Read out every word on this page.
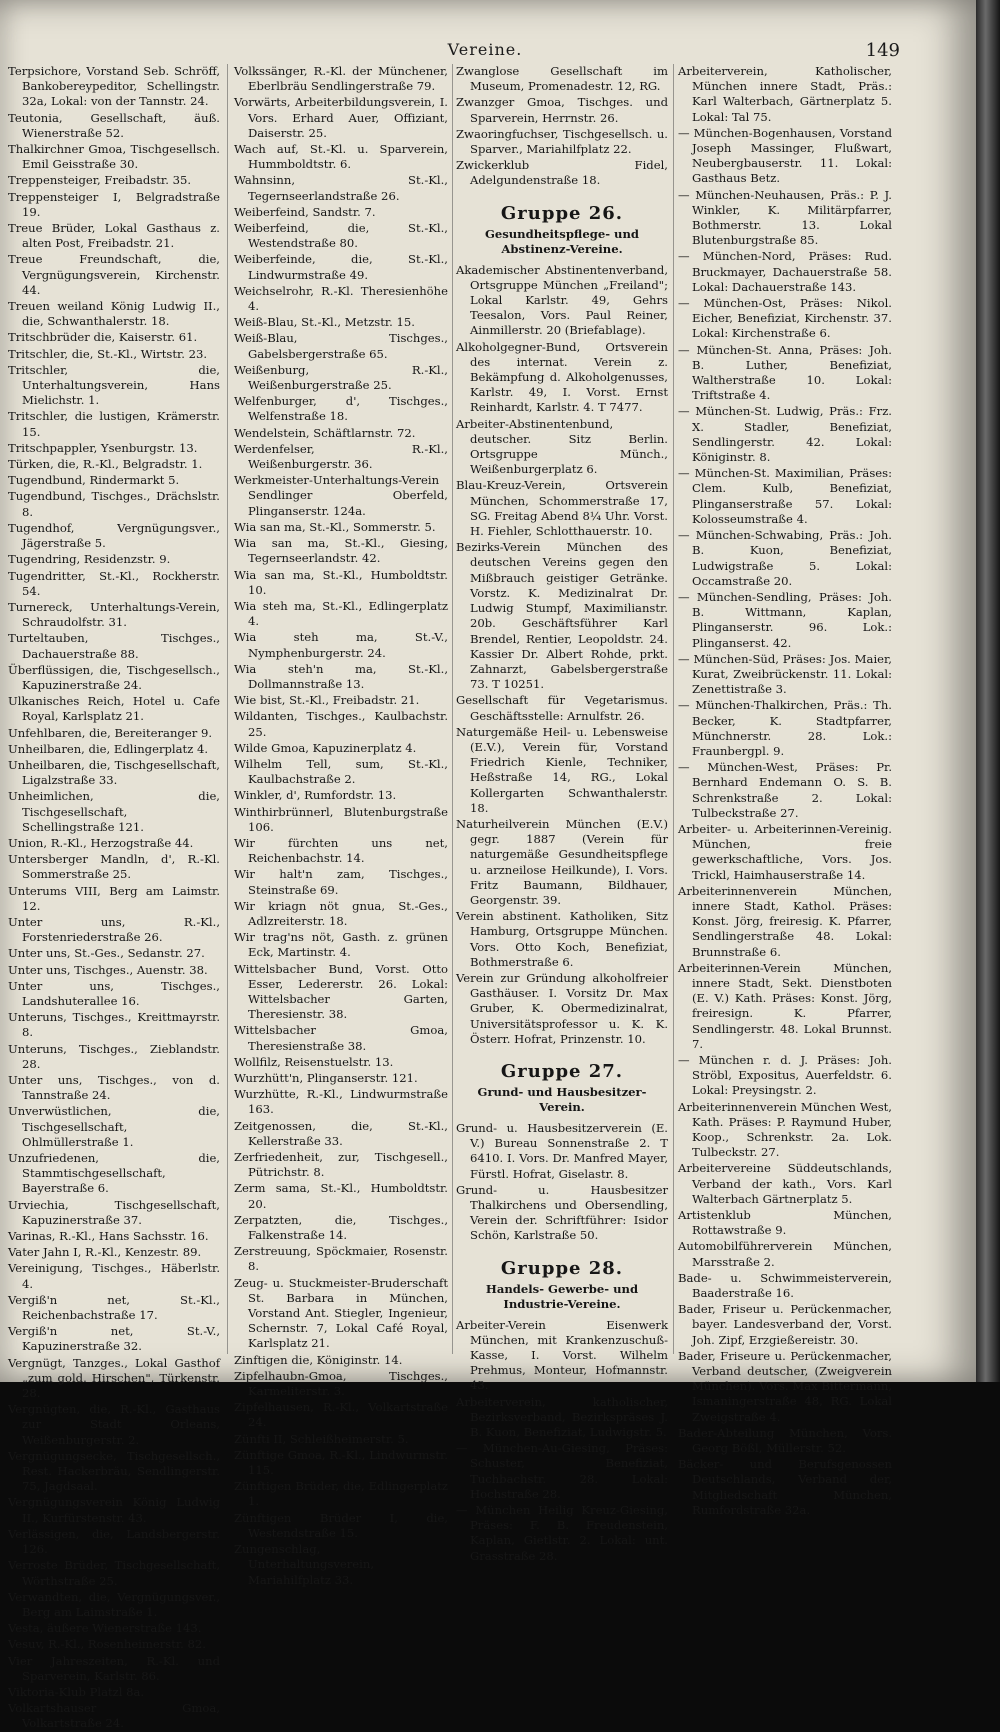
Vereine.	149
Terpsichore, Vorstand Seb. Schröff, Bankobereypeditor, Schellingstr. 32a, Lokal: von der Tannstr. 24.
Teutonia, Gesellschaft, äuß. Wienerstraße 52.
Thalkirchner Gmoa, Tischgesellsch. Emil Geisstraße 30.
Treppensteiger, Freibadstr. 35.
Treppensteiger I, Belgradstraße 19.
Treue Brüder, Lokal Gasthaus z. alten Post, Freibadstr. 21.
Treue Freundschaft, die, Vergnügungsverein, Kirchenstr. 44.
Treuen weiland König Ludwig II., die, Schwanthalerstr. 18.
Tritschbrüder die, Kaiserstr. 61.
Tritschler, die, St.-Kl., Wirtstr. 23.
Tritschler, die, Unterhaltungsverein, Hans Mielichstr. 1.
Tritschler, die lustigen, Krämerstr. 15.
Tritschpappler, Ysenburgstr. 13.
Türken, die, R.-Kl., Belgradstr. 1.
Tugendbund, Rindermarkt 5.
Tugendbund, Tischges., Drächslstr. 8.
Tugendhof, Vergnügungsver., Jägerstraße 5.
Tugendring, Residenzstr. 9.
Tugendritter, St.-Kl., Rockherstr. 54.
Turnereck, Unterhaltungs-Verein, Schraudolfstr. 31.
Turteltauben, Tischges., Dachauerstraße 88.
Überflüssigen, die, Tischgesellsch., Kapuzinerstraße 24.
Ulkanisches Reich, Hotel u. Cafe Royal, Karlsplatz 21.
Unfehlbaren, die, Bereiteranger 9.
Unheilbaren, die, Edlingerplatz 4.
Unheilbaren, die, Tischgesellschaft, Ligalzstraße 33.
Unheimlichen, die, Tischgesellschaft, Schellingstraße 121.
Union, R.-Kl., Herzogstraße 44.
Untersberger Mandln, d', R.-Kl. Sommerstraße 25.
Unterums VIII, Berg am Laimstr. 12.
Unter uns, R.-Kl., Forstenriederstraße 26.
Unter uns, St.-Ges., Sedanstr. 27.
Unter uns, Tischges., Auenstr. 38.
Unter uns, Tischges., Landshuterallee 16.
Unteruns, Tischges., Kreittmayrstr. 8.
Unteruns, Tischges., Zieblandstr. 28.
Unter uns, Tischges., von d. Tannstraße 24.
Unverwüstlichen, die, Tischgesellschaft, Ohlmüllerstraße 1.
Unzufriedenen, die, Stammtischgesellschaft, Bayerstraße 6.
Urviechia, Tischgesellschaft, Kapuzinerstraße 37.
Varinas, R.-Kl., Hans Sachsstr. 16.
Vater Jahn I, R.-Kl., Kenzestr. 89.
Vereinigung, Tischges., Häberlstr. 4.
Vergiß'n net, St.-Kl., Reichenbachstraße 17.
Vergiß'n net, St.-V., Kapuzinerstraße 32.
Vergnügt, Tanzges., Lokal Gasthof „zum gold. Hirschen", Türkenstr. 28.
Vergnügten, die, R.-Kl., Gasthaus zur Stadt Orleans, Weißenburgerstr. 2.
Vergnügungsecke, Tischgesellsch., Rest. Hackerbräu, Sendlingerstr. 75, Jagdsaal.
Vergnügungsverein König Ludwig II., Kurfürstenstr. 43.
Verlässigen, die, Landsbergerstr. 126.
Verroste Brüder, Tischgesellschaft, Wörthstraße 25.
Verwandten, die, Vergnügungsver., Berg am Laimstraße 1.
Vesta, äußere Wienerstraße 143.
Vesuv, R.-Kl., Rosenheimerstr. 82.
Vier Jahreszeiten, R.-Kl. und Sparverein, Karlstr. 86.
Viktoria-Klub Platzl 8a.
Volkartshauser Gmoa, Volkartstraße 24.
Volkssänger, R.-Kl. der Münchener, Eberlbräu Sendlingerstraße 79.
Vorwärts, Arbeiterbildungsverein, I. Vors. Erhard Auer, Offiziant, Daiserstr. 25.
Wach auf, St.-Kl. u. Sparverein, Hummboldtstr. 6.
Wahnsinn, St.-Kl., Tegernseerlandstraße 26.
Weiberfeind, Sandstr. 7.
Weiberfeind, die, St.-Kl., Westendstraße 80.
Weiberfeinde, die, St.-Kl., Lindwurmstraße 49.
Weichselrohr, R.-Kl. Theresienhöhe 4.
Weiß-Blau, St.-Kl., Metzstr. 15.
Weiß-Blau, Tischges., Gabelsbergerstraße 65.
Weißenburg, R.-Kl., Weißenburgerstraße 25.
Welfenburger, d', Tischges., Welfenstraße 18.
Wendelstein, Schäftlarnstr. 72.
Werdenfelser, R.-Kl., Weißenburgerstr. 36.
Werkmeister-Unterhaltungs-Verein Sendlinger Oberfeld, Plinganserstr. 124a.
Wia san ma, St.-Kl., Sommerstr. 5.
Wia san ma, St.-Kl., Giesing, Tegernseerlandstr. 42.
Wia san ma, St.-Kl., Humboldtstr. 10.
Wia steh ma, St.-Kl., Edlingerplatz 4.
Wia steh ma, St.-V., Nymphenburgerstr. 24.
Wia steh'n ma, St.-Kl., Dollmannstraße 13.
Wie bist, St.-Kl., Freibadstr. 21.
Wildanten, Tischges., Kaulbachstr. 25.
Wilde Gmoa, Kapuzinerplatz 4.
Wilhelm Tell, sum, St.-Kl., Kaulbachstraße 2.
Winkler, d', Rumfordstr. 13.
Winthirbrünnerl, Blutenburgstraße 106.
Wir fürchten uns net, Reichenbachstr. 14.
Wir halt'n zam, Tischges., Steinstraße 69.
Wir kriagn nöt gnua, St.-Ges., Adlzreiterstr. 18.
Wir trag'ns nöt, Gasth. z. grünen Eck, Martinstr. 4.
Wittelsbacher Bund, Vorst. Otto Esser, Ledererstr. 26. Lokal: Wittelsbacher Garten, Theresienstr. 38.
Wittelsbacher Gmoa, Theresienstraße 38.
Wollfilz, Reisenstuelstr. 13.
Wurzhütt'n, Plinganserstr. 121.
Wurzhütte, R.-Kl., Lindwurmstraße 163.
Zeitgenossen, die, St.-Kl., Kellerstraße 33.
Zerfriedenheit, zur, Tischgesell., Pütrichstr. 8.
Zerm sama, St.-Kl., Humboldtstr. 20.
Zerpatzten, die, Tischges., Falkenstraße 14.
Zerstreuung, Spöckmaier, Rosenstr. 8.
Zeug- u. Stuckmeister-Bruderschaft St. Barbara in München, Vorstand Ant. Stiegler, Ingenieur, Schernstr. 7, Lokal Café Royal, Karlsplatz 21.
Zinftigen die, Königinstr. 14.
Zipfelhaubn-Gmoa, Tischges., Karmeliterstr. 3.
Zipfelhausen, R.-Kl., Volkartstraße 24.
Zünfti II, Schleißheimerstr. 5.
Zünftige Gmoa, R.-Kl., Lindwurmstr. 115.
Zünftigen Brüder, die, Edlingerplatz 1.
Zünftigen Brüder I, die, Westendstraße 15.
Zungenschlag, Unterhaltungsverein, Mariahilfplatz 33.
Zwanglose Gesellschaft im Museum, Promenadestr. 12, RG.
Zwanzger Gmoa, Tischges. und Sparverein, Herrnstr. 26.
Zwaoringfuchser, Tischgesellsch. u. Sparver., Mariahilfplatz 22.
Zwickerklub Fidel, Adelgundenstraße 18.
Gruppe 26.
Gesundheitspflege- und Abstinenz-Vereine.
Akademischer Abstinentenverband, Ortsgruppe München „Freiland"; Lokal Karlstr. 49, Gehrs Teesalon, Vors. Paul Reiner, Ainmillerstr. 20 (Briefablage).
Alkoholgegner-Bund, Ortsverein des internat. Verein z. Bekämpfung d. Alkoholgenusses, Karlstr. 49, I. Vorst. Ernst Reinhardt, Karlstr. 4. T 7477.
Arbeiter-Abstinentenbund, deutscher. Sitz Berlin. Ortsgruppe Münch., Weißenburgerplatz 6.
Blau-Kreuz-Verein, Ortsverein München, Schommerstraße 17, SG. Freitag Abend 8¼ Uhr. Vorst. H. Fiehler, Schlotthauerstr. 10.
Bezirks-Verein München des deutschen Vereins gegen den Mißbrauch geistiger Getränke. Vorstz. K. Medizinalrat Dr. Ludwig Stumpf, Maximilianstr. 20b. Geschäftsführer Karl Brendel, Rentier, Leopoldstr. 24. Kassier Dr. Albert Rohde, prkt. Zahnarzt, Gabelsbergerstraße 73. T 10251.
Gesellschaft für Vegetarismus. Geschäftsstelle: Arnulfstr. 26.
Naturgemäße Heil- u. Lebensweise (E.V.), Verein für, Vorstand Friedrich Kienle, Techniker, Heßstraße 14, RG., Lokal Kollergarten Schwanthalerstr. 18.
Naturheilverein München (E.V.) gegr. 1887 (Verein für naturgemäße Gesundheitspflege u. arzneilose Heilkunde), I. Vors. Fritz Baumann, Bildhauer, Georgenstr. 39.
Verein abstinent. Katholiken, Sitz Hamburg, Ortsgruppe München. Vors. Otto Koch, Benefiziat, Bothmerstraße 6.
Verein zur Gründung alkoholfreier Gasthäuser. I. Vorsitz Dr. Max Gruber, K. Obermedizinalrat, Universitätsprofessor u. K. K. Österr. Hofrat, Prinzenstr. 10.
Gruppe 27.
Grund- und Hausbesitzer-Verein.
Grund- u. Hausbesitzerverein (E. V.) Bureau Sonnenstraße 2. T 6410. I. Vors. Dr. Manfred Mayer, Fürstl. Hofrat, Giselastr. 8.
Grund- u. Hausbesitzer Thalkirchens und Obersendling, Verein der. Schriftführer: Isidor Schön, Karlstraße 50.
Gruppe 28.
Handels- Gewerbe- und Industrie-Vereine.
Arbeiter-Verein Eisenwerk München, mit Krankenzuschuß-Kasse, I. Vorst. Wilhelm Prehmus, Monteur, Hofmannstr. 43.
Arbeiterverein, katholischer, Bezirksverband, Bezirkspräses J. B. Kuon, Benefiziat, Ludwigstr. 5.
— München-Au-Giesing, Präses: Schuster, Benefiziat, Tuchbachstr. 28. Lokal: Hochstraße 28.
— München Heilig Kreuz-Giesing, Präses: F. B. Freudenstein, Kaplan, Gietlstr. 2. Lokal: unt. Grasstraße 28.
Arbeiterverein, Katholischer, München innere Stadt, Präs.: Karl Walterbach, Gärtnerplatz 5. Lokal: Tal 75.
— München-Bogenhausen, Vorstand Joseph Massinger, Flußwart, Neubergbauserstr. 11. Lokal: Gasthaus Betz.
— München-Neuhausen, Präs.: P. J. Winkler, K. Militärpfarrer, Bothmerstr. 13. Lokal Blutenburgstraße 85.
— München-Nord, Präses: Rud. Bruckmayer, Dachauerstraße 58. Lokal: Dachauerstraße 143.
— München-Ost, Präses: Nikol. Eicher, Benefiziat, Kirchenstr. 37. Lokal: Kirchenstraße 6.
— München-St. Anna, Präses: Joh. B. Luther, Benefiziat, Waltherstraße 10. Lokal: Triftstraße 4.
— München-St. Ludwig, Präs.: Frz. X. Stadler, Benefiziat, Sendlingerstr. 42. Lokal: Königinstr. 8.
— München-St. Maximilian, Präses: Clem. Kulb, Benefiziat, Plinganserstraße 57. Lokal: Kolosseumstraße 4.
— München-Schwabing, Präs.: Joh. B. Kuon, Benefiziat, Ludwigstraße 5. Lokal: Occamstraße 20.
— München-Sendling, Präses: Joh. B. Wittmann, Kaplan, Plinganserstr. 96. Lok.: Plinganserst. 42.
— München-Süd, Präses: Jos. Maier, Kurat, Zweibrückenstr. 11. Lokal: Zenettistraße 3.
— München-Thalkirchen, Präs.: Th. Becker, K. Stadtpfarrer, Münchnerstr. 28. Lok.: Fraunbergpl. 9.
— München-West, Präses: Pr. Bernhard Endemann O. S. B. Schrenkstraße 2. Lokal: Tulbeckstraße 27.
Arbeiter- u. Arbeiterinnen-Vereinig. München, freie gewerkschaftliche, Vors. Jos. Trickl, Haimhauserstraße 14.
Arbeiterinnenverein München, innere Stadt, Kathol. Präses: Konst. Jörg, freiresig. K. Pfarrer, Sendlingerstraße 48. Lokal: Brunnstraße 6.
Arbeiterinnen-Verein München, innere Stadt, Sekt. Dienstboten (E. V.) Kath. Präses: Konst. Jörg, freiresign. K. Pfarrer, Sendlingerstr. 48. Lokal Brunnst. 7.
— München r. d. J. Präses: Joh. Ströbl, Expositus, Auerfeldstr. 6. Lokal: Preysingstr. 2.
Arbeiterinnenverein München West, Kath. Präses: P. Raymund Huber, Koop., Schrenkstr. 2a. Lok. Tulbeckstr. 27.
Arbeitervereine Süddeutschlands, Verband der kath., Vors. Karl Walterbach Gärtnerplatz 5.
Artistenklub München, Rottawstraße 9.
Automobilführerverein München, Marsstraße 2.
Bade- u. Schwimmeisterverein, Baaderstraße 16.
Bader, Friseur u. Perückenmacher, bayer. Landesverband der, Vorst. Joh. Zipf, Erzgießereistr. 30.
Bader, Friseure u. Perückenmacher, Verband deutscher, (Zweigverein München). Vors. Max Bittermann, Ismaningerstraße 48, RG. Lokal Zweigstraße 4.
Bader-Abteilung München, Vors. Georg Bößl, Müllerstr. 52.
Bäcker- und Berufsgenossen Deutschlands, Verband der, Mitgliedschaft München, Rumfordstraße 32a.
